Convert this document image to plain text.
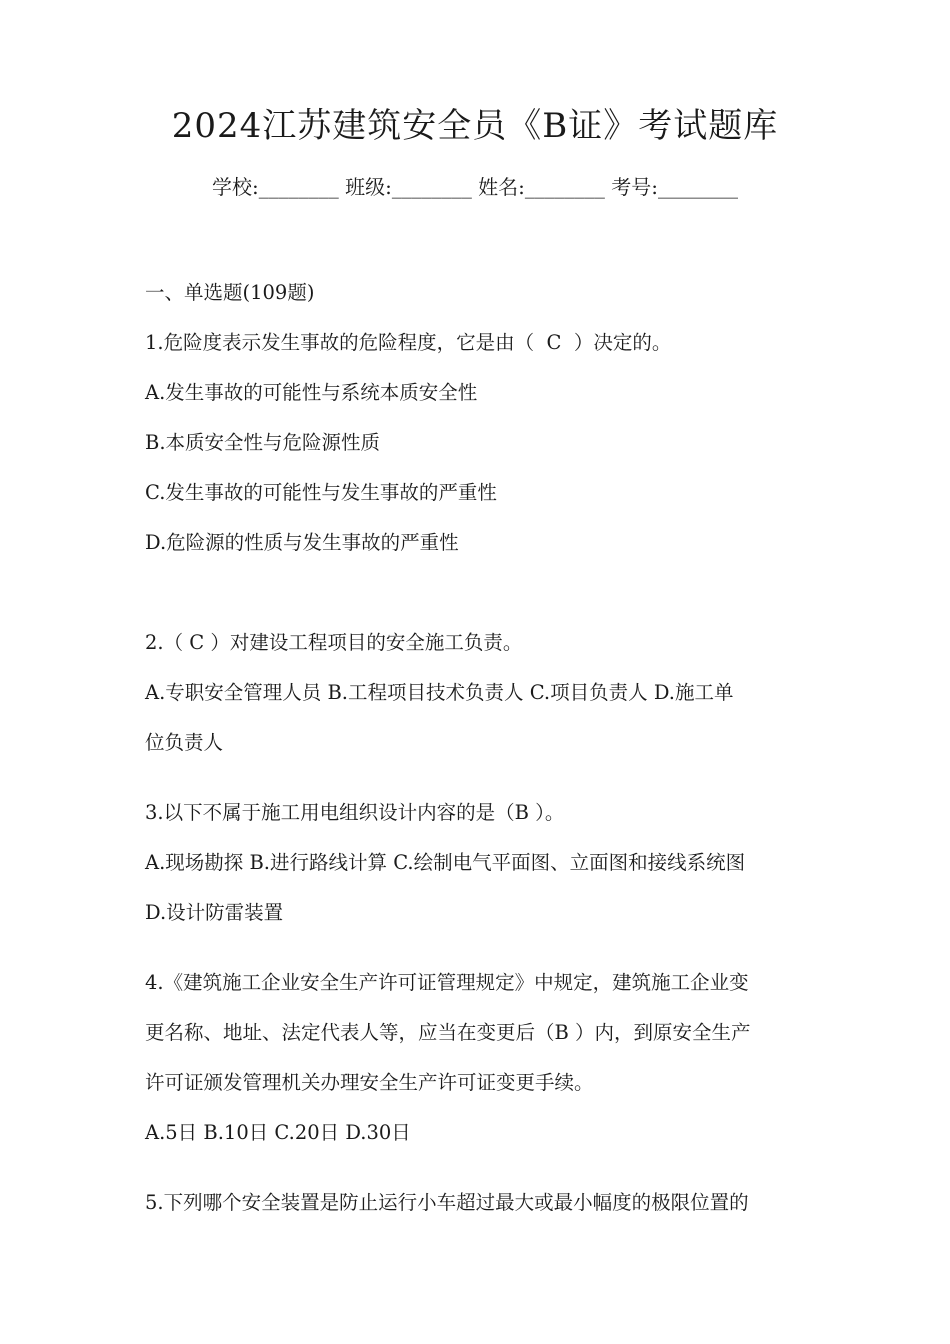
2024江苏建筑安全员《B证》考试题库
学校:________ 班级:________ 姓名:________ 考号:________
一、单选题(109题)
1.危险度表示发生事故的危险程度，它是由（  C  ）决定的。
A.发生事故的可能性与系统本质安全性
B.本质安全性与危险源性质
C.发生事故的可能性与发生事故的严重性
D.危险源的性质与发生事故的严重性
2.（ C ）对建设工程项目的安全施工负责。
A.专职安全管理人员 B.工程项目技术负责人 C.项目负责人 D.施工单
位负责人
3.以下不属于施工用电组织设计内容的是（B ）。
A.现场勘探 B.进行路线计算 C.绘制电气平面图、立面图和接线系统图
D.设计防雷装置
4.《建筑施工企业安全生产许可证管理规定》中规定，建筑施工企业变
更名称、地址、法定代表人等，应当在变更后（B ）内，到原安全生产
许可证颁发管理机关办理安全生产许可证变更手续。
A.5日 B.10日 C.20日 D.30日
5.下列哪个安全装置是防止运行小车超过最大或最小幅度的极限位置的
